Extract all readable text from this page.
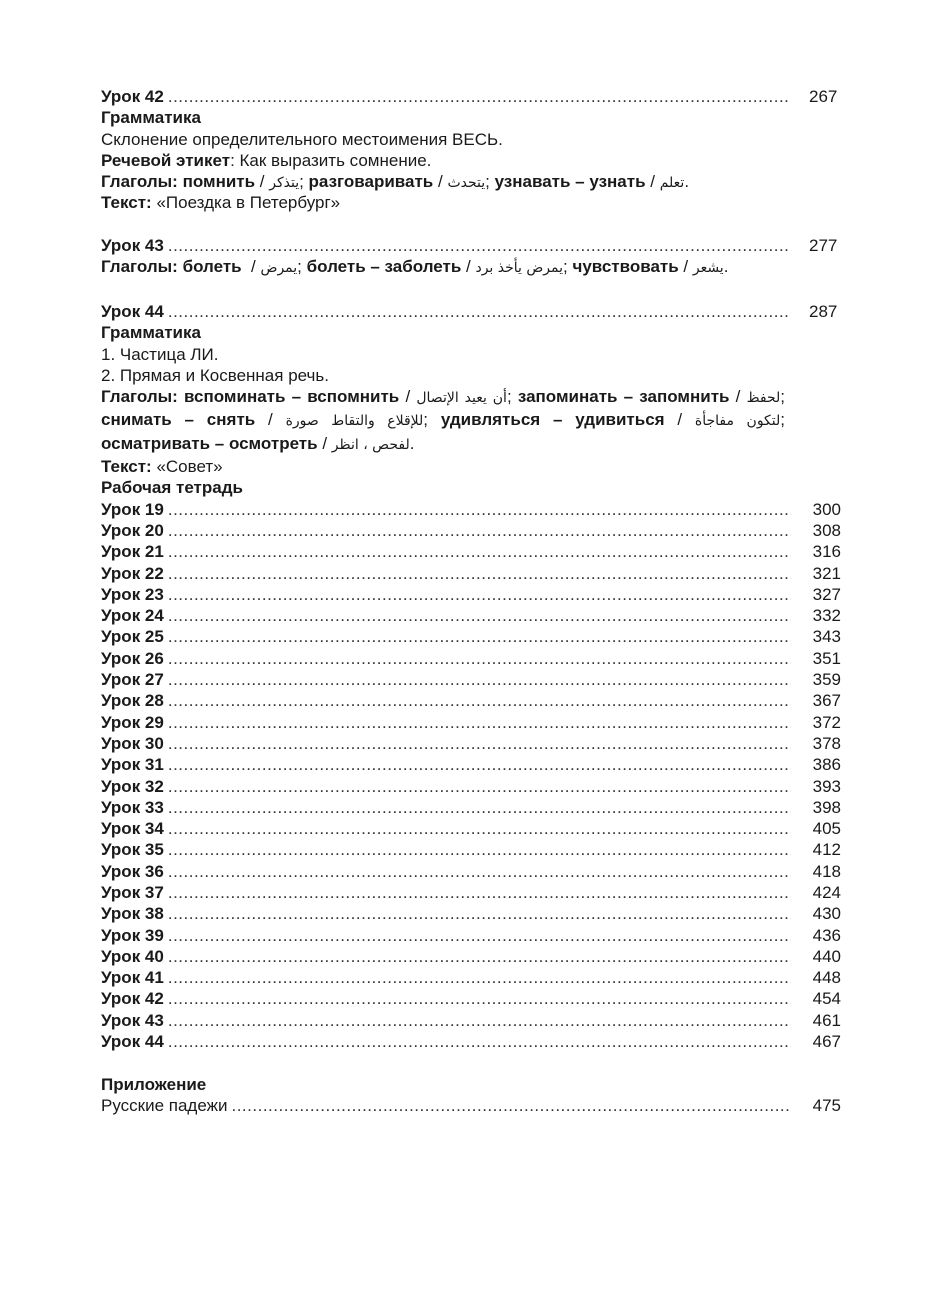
Урок 42 .....	267
Грамматика
Склонение определительного местоимения ВЕСЬ.
Речевой этикет: Как выразить сомнение.
Глаголы: помнить / يتذكر; разговаривать / يتحدث; узнавать – узнать / تعلم.
Текст: «Поездка в Петербург»
Урок 43 .....	277
Глаголы: болеть  / يمرض; болеть – заболеть / يمرض يأخذ برد; чувствовать / يشعر.
Урок 44 .....	287
Грамматика
1. Частица ЛИ.
2. Прямая и Косвенная речь.
Глаголы: вспоминать – вспомнить / أن يعيد الإتصال; запоминать – запомнить / لحفظ; снимать – снять / للإقلاع والتقاط صورة; удивляться – удивиться / لتكون مفاجأة; осматривать – осмотреть / لفحص ، انظر.
Текст: «Совет»
Рабочая тетрадь
Урок 19 .....	300
Урок 20 .....	308
Урок 21 .....	316
Урок 22 .....	321
Урок 23 .....	327
Урок 24 .....	332
Урок 25 .....	343
Урок 26 .....	351
Урок 27 .....	359
Урок 28 .....	367
Урок 29 .....	372
Урок 30 .....	378
Урок 31 .....	386
Урок 32 .....	393
Урок 33 .....	398
Урок 34 .....	405
Урок 35 .....	412
Урок 36 .....	418
Урок 37 .....	424
Урок 38 .....	430
Урок 39 .....	436
Урок 40 .....	440
Урок 41 .....	448
Урок 42 .....	454
Урок 43 .....	461
Урок 44 .....	467
Приложение
Русские падежи .....	475
